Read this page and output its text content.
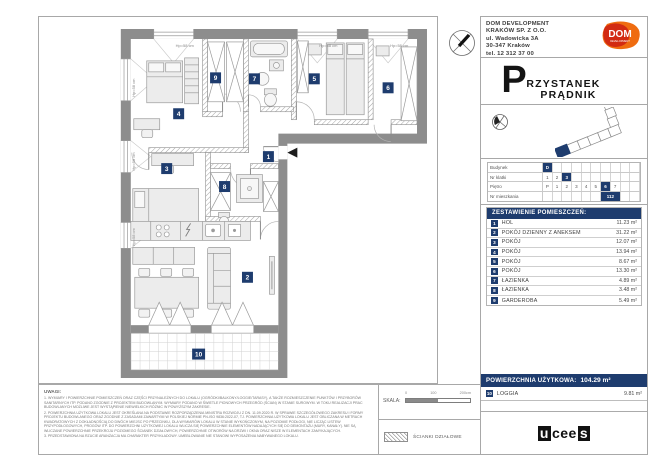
Hp=58 cm	Hp=58 cm	Hp=58 cm
Hp=58 cm
Hp=58 cm
Hp=58 cm
1
2
3
4
5
6
7
8
9
10
DOM DEVELOPMENT
KRAKÓW SP. Z O.O.
ul. Wadowicka 3A
30-347 Kraków
tel. 12 312 37 00
DOM
DEVELOPMENT
P RZYSTANEK
PRĄDNIK
Budynek	D
Nr klatki	1	2	3
Piętro	P	1	2	3	4	5	6	7
Nr mieszkania	112
ZESTAWIENIE POMIESZCZEŃ:
1	HOL	11.23 m²
2	POKÓJ DZIENNY Z ANEKSEM	31.22 m²
3	POKÓJ	12.07 m²
4	POKÓJ	13.94 m²
5	POKÓJ	8.67 m²
6	POKÓJ	13.30 m²
7	ŁAZIENKA	4.89 m²
8	ŁAZIENKA	3.48 m²
9	GARDEROBA	5.49 m²
POWIERZCHNIA UŻYTKOWA: 104.29 m²
10 LOGGIA	9.81 m²
u cee s
UWAGI:
1. WYMIARY I POWIERZCHNIE POMIESZCZEŃ ORAZ CZĘŚCI PRZYNALEŻNYCH DO LOKALU (OGRÓDKI/BALKONY/LOGGIE/TARASY), A TAKŻE ROZMIESZCZENIE PUNKTÓW I PRZYBORÓW SANITARNYCH ITP. PODANO ZGODNIE Z PROJEKTEM BUDOWLANYM. WYMIARY PODANO W ŚWIETLE PIONOWYCH PRZEGRÓD (ŚCIAN) W STANIE SUROWYM. W TOKU REALIZACJI PRAC BUDOWLANYCH MOŻLIWE JEST WYSTĄPIENIE NIEWIELKICH RÓŻNIC W POWYŻSZYM ZAKRESIE.
2. POWIERZCHNIA UŻYTKOWA LOKALU JEST OKREŚLANA NA PODSTAWIE ROZPORZĄDZENIA MINISTRA ROZWOJU Z DN. 11.09.2020 R. W SPRAWIE SZCZEGÓŁOWEGO ZAKRESU I FORMY PROJEKTU BUDOWLANEGO ORAZ ZGODNIE Z ZASADAMI ZAWARTYMI W POLSKIEJ NORMIE PN-ISO 9836:2022-07, TJ. POWIERZCHNIA UŻYTKOWA LOKALU JEST OBLICZANA W METRACH KWADRATOWYCH Z DOKŁADNOŚCIĄ DO DWÓCH MIEJSC PO PRZECINKU, DLA WYMIARÓW LOKALU W STANIE WYKOŃCZONYM, NA POZIOMIE PODŁOGI, NIE LICZĄC LISTEW PRZYPODŁOGOWYCH, PROGÓW ITP. DO POWIERZCHNI UŻYTKOWEJ LOKALU WLICZA SIĘ POWIERZCHNIE ELEMENTÓW NADAJĄCYCH SIĘ DO DEMONTAŻU (MURY, KANAŁY). NIE SĄ WLICZANE POWIERZCHNIE PRZEKROJU POZIOMEGO ŚCIANEK DZIAŁOWYCH, POWIERZCHNIE OTWORÓW NA DRZWI I OKNA ORAZ NISZE W ELEMENTACH ZAMYKAJĄCYCH.
3. PRZEDSTAWIONA NA RZUCIE ARANŻACJA MA CHARAKTER PRZYKŁADOWY. UMEBLOWANIE NIE STANOWI WYPOSAŻENIA NABYWANEGO LOKALU.
SKALA:
0	100	200cm
ŚCIANKI DZIAŁOWE
